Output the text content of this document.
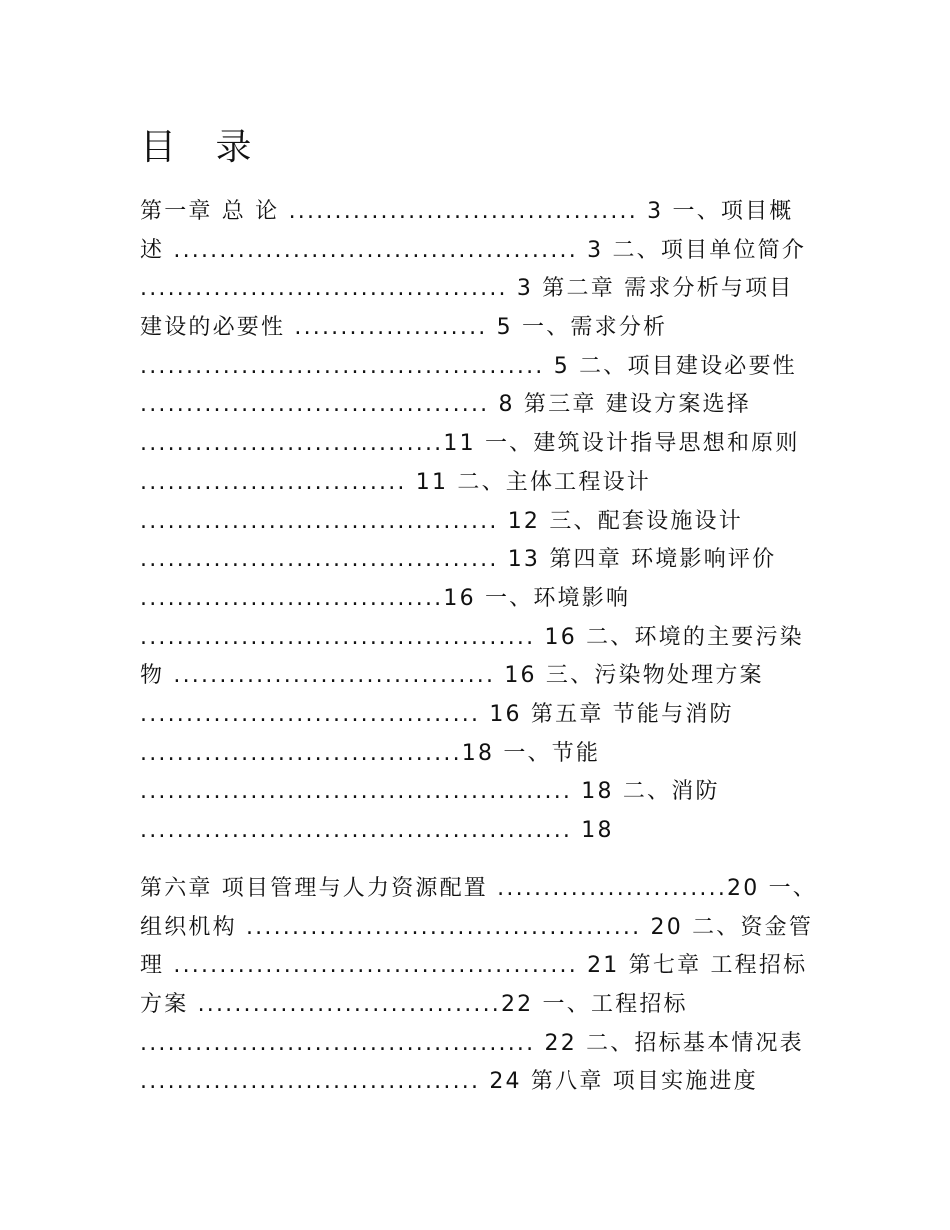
目 录
第一章 总 论 ...................................... 3 一、项目概
述 ............................................ 3 二、项目单位简介
........................................ 3 第二章 需求分析与项目
建设的必要性 ..................... 5 一、需求分析
............................................ 5 二、项目建设必要性
...................................... 8 第三章 建设方案选择
.................................11 一、建筑设计指导思想和原则
............................. 11 二、主体工程设计
....................................... 12 三、配套设施设计
....................................... 13 第四章 环境影响评价
.................................16 一、环境影响
........................................... 16 二、环境的主要污染
物 ................................... 16 三、污染物处理方案
..................................... 16 第五章 节能与消防
...................................18 一、节能
............................................... 18 二、消防
............................................... 18
第六章 项目管理与人力资源配置 .........................20 一、
组织机构 ........................................... 20 二、资金管
理 ............................................ 21 第七章 工程招标
方案 .................................22 一、工程招标
........................................... 22 二、招标基本情况表
..................................... 24 第八章 项目实施进度
